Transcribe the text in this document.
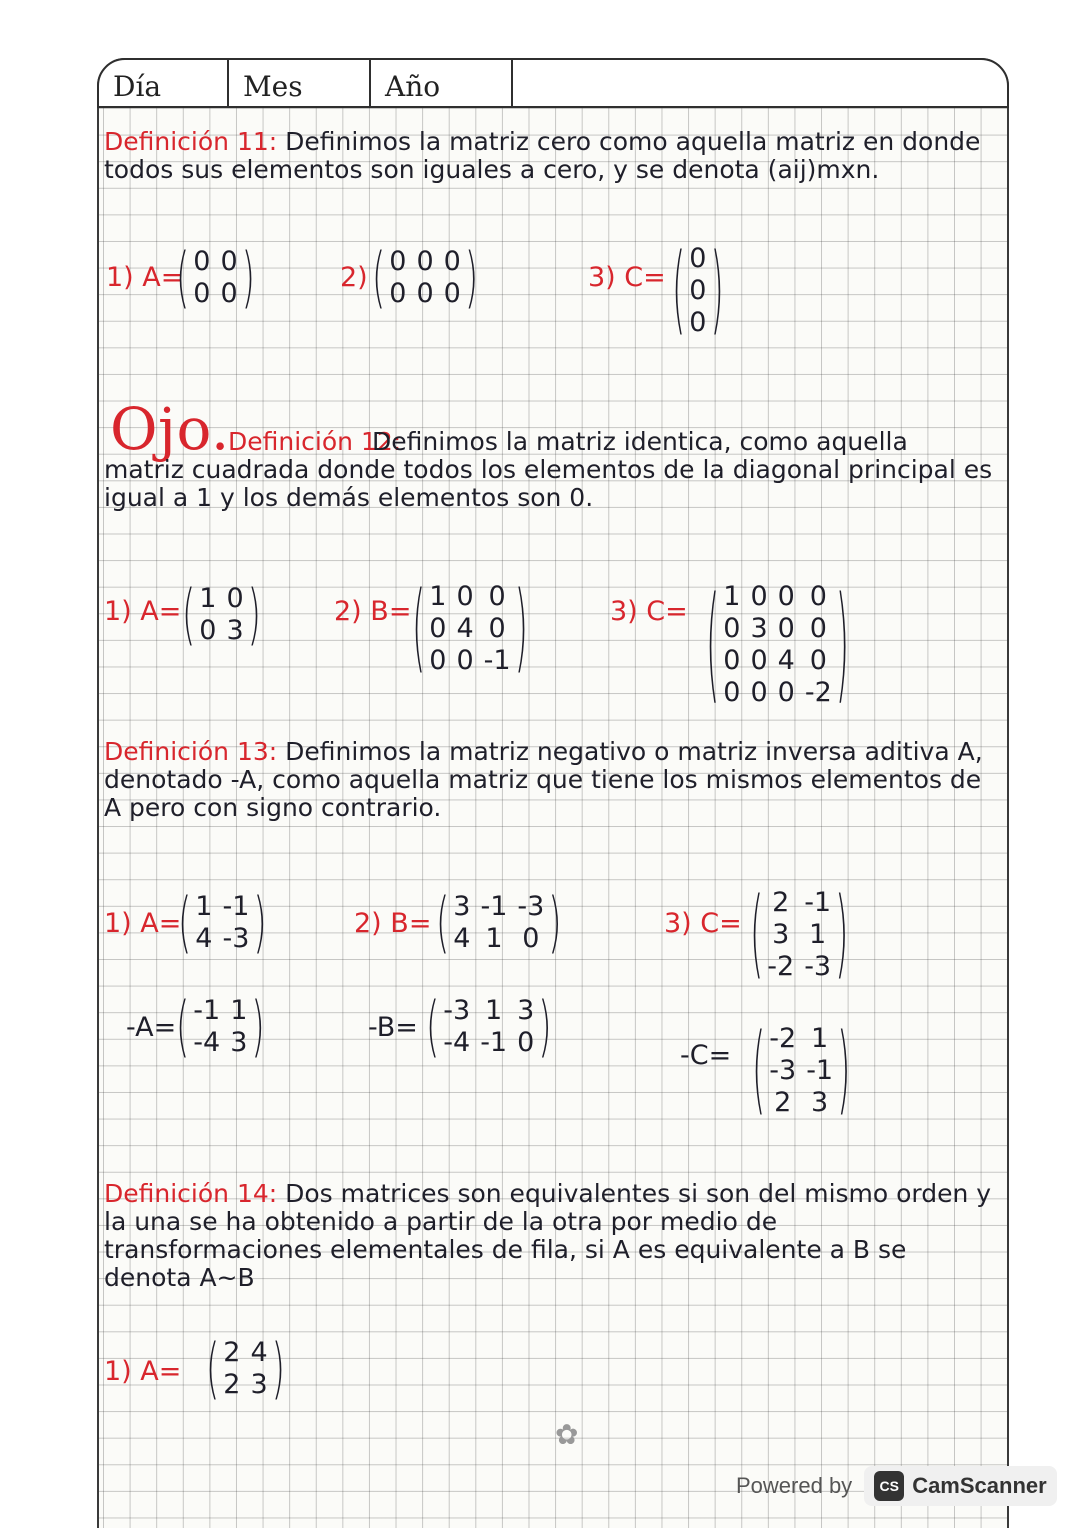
Día	Mes	Año
Definición 11: Definimos la matriz cero como aquella matriz en donde todos sus elementos son iguales a cero, y se denota (aij)mxn.
1) A=
( 0 0
0 0 )	2) ( 0 0 0
0 0 0 )	3) C= ( 0
0
0 )
Ojo.
Definición 12:
Definimos la matriz identica, como aquella matriz cuadrada donde todos los elementos de la diagonal principal es igual a 1 y los demás elementos son 0.
1) A= ( 1 0
0 3 )	2) B= ( 1 0 0
0 4 0
0 0 -1 )	3) C= ( 1 0 0 0
0 3 0 0
0 0 4 0
0 0 0 -2 )
Definición 13: Definimos la matriz negativo o matriz inversa aditiva A, denotado -A, como aquella matriz que tiene los mismos elementos de A pero con signo contrario.
1) A=
( 1 -1
4 -3 )	2) B= ( 3 -1 -3
4 1 0 )	3) C= ( 2 -1
3 1
-2 -3 )
-A= ( -1 1
-4 3 )	-B= ( -3 1 3
-4 -1 0 )	-C= ( -2 1
-3 -1
2 3 )
Definición 14: Dos matrices son equivalentes si son del mismo orden y la una se ha obtenido a partir de la otra por medio de transformaciones elementales de fila, si A es equivalente a B se denota A~B
1) A= ( 2 4
2 3 )
✿
Powered by	CS CamScanner
